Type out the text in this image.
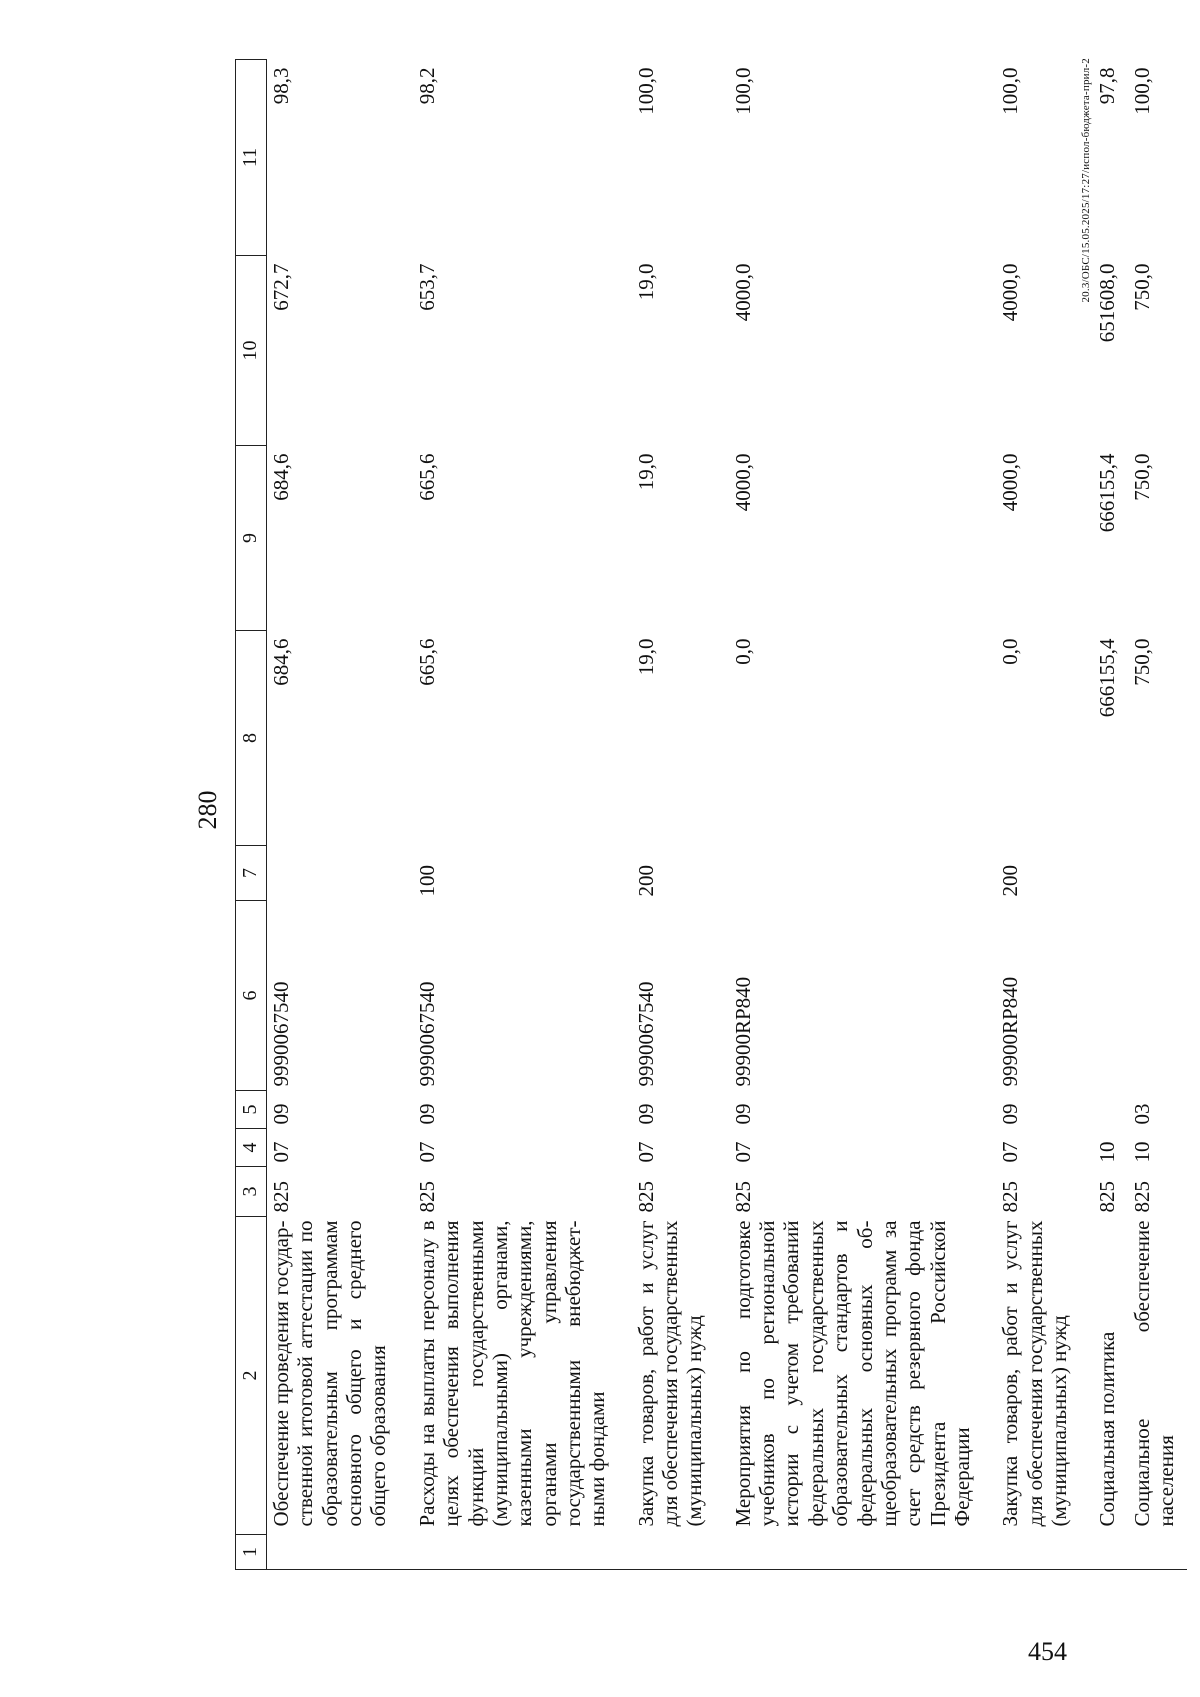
280
1	2	3	4	5	6	7	8	9	10	11
	Обеспечение проведения государственной итоговой аттестации по образовательным программам основного общего и среднего общего образования	825	07	09	9990067540		684,6	684,6	672,7	98,3
	Расходы на выплаты персоналу в целях обеспечения выполнения функций государственными (муниципальными) органами, казенными учреждениями, органами управления государственными внебюджетными фондами	825	07	09	9990067540	100	665,6	665,6	653,7	98,2
	Закупка товаров, работ и услуг для обеспечения государственных (муниципальных) нужд	825	07	09	9990067540	200	19,0	19,0	19,0	100,0
	Мероприятия по подготовке учебников по региональной истории с учетом требований федеральных государственных образовательных стандартов и федеральных основных общеобразовательных программ за счет средств резервного фонда Президента Российской Федерации	825	07	09	99900RP840		0,0	4000,0	4000,0	100,0
	Закупка товаров, работ и услуг для обеспечения государственных (муниципальных) нужд	825	07	09	99900RP840	200	0,0	4000,0	4000,0	100,0
	Социальная политика	825	10				666155,4	666155,4	651608,0	97,8
	Социальное обеспечение населения	825	10	03			750,0	750,0	750,0	100,0
20.3/ОБС/15.05.2025/17:27/испол-бюджета-прил-2
454
